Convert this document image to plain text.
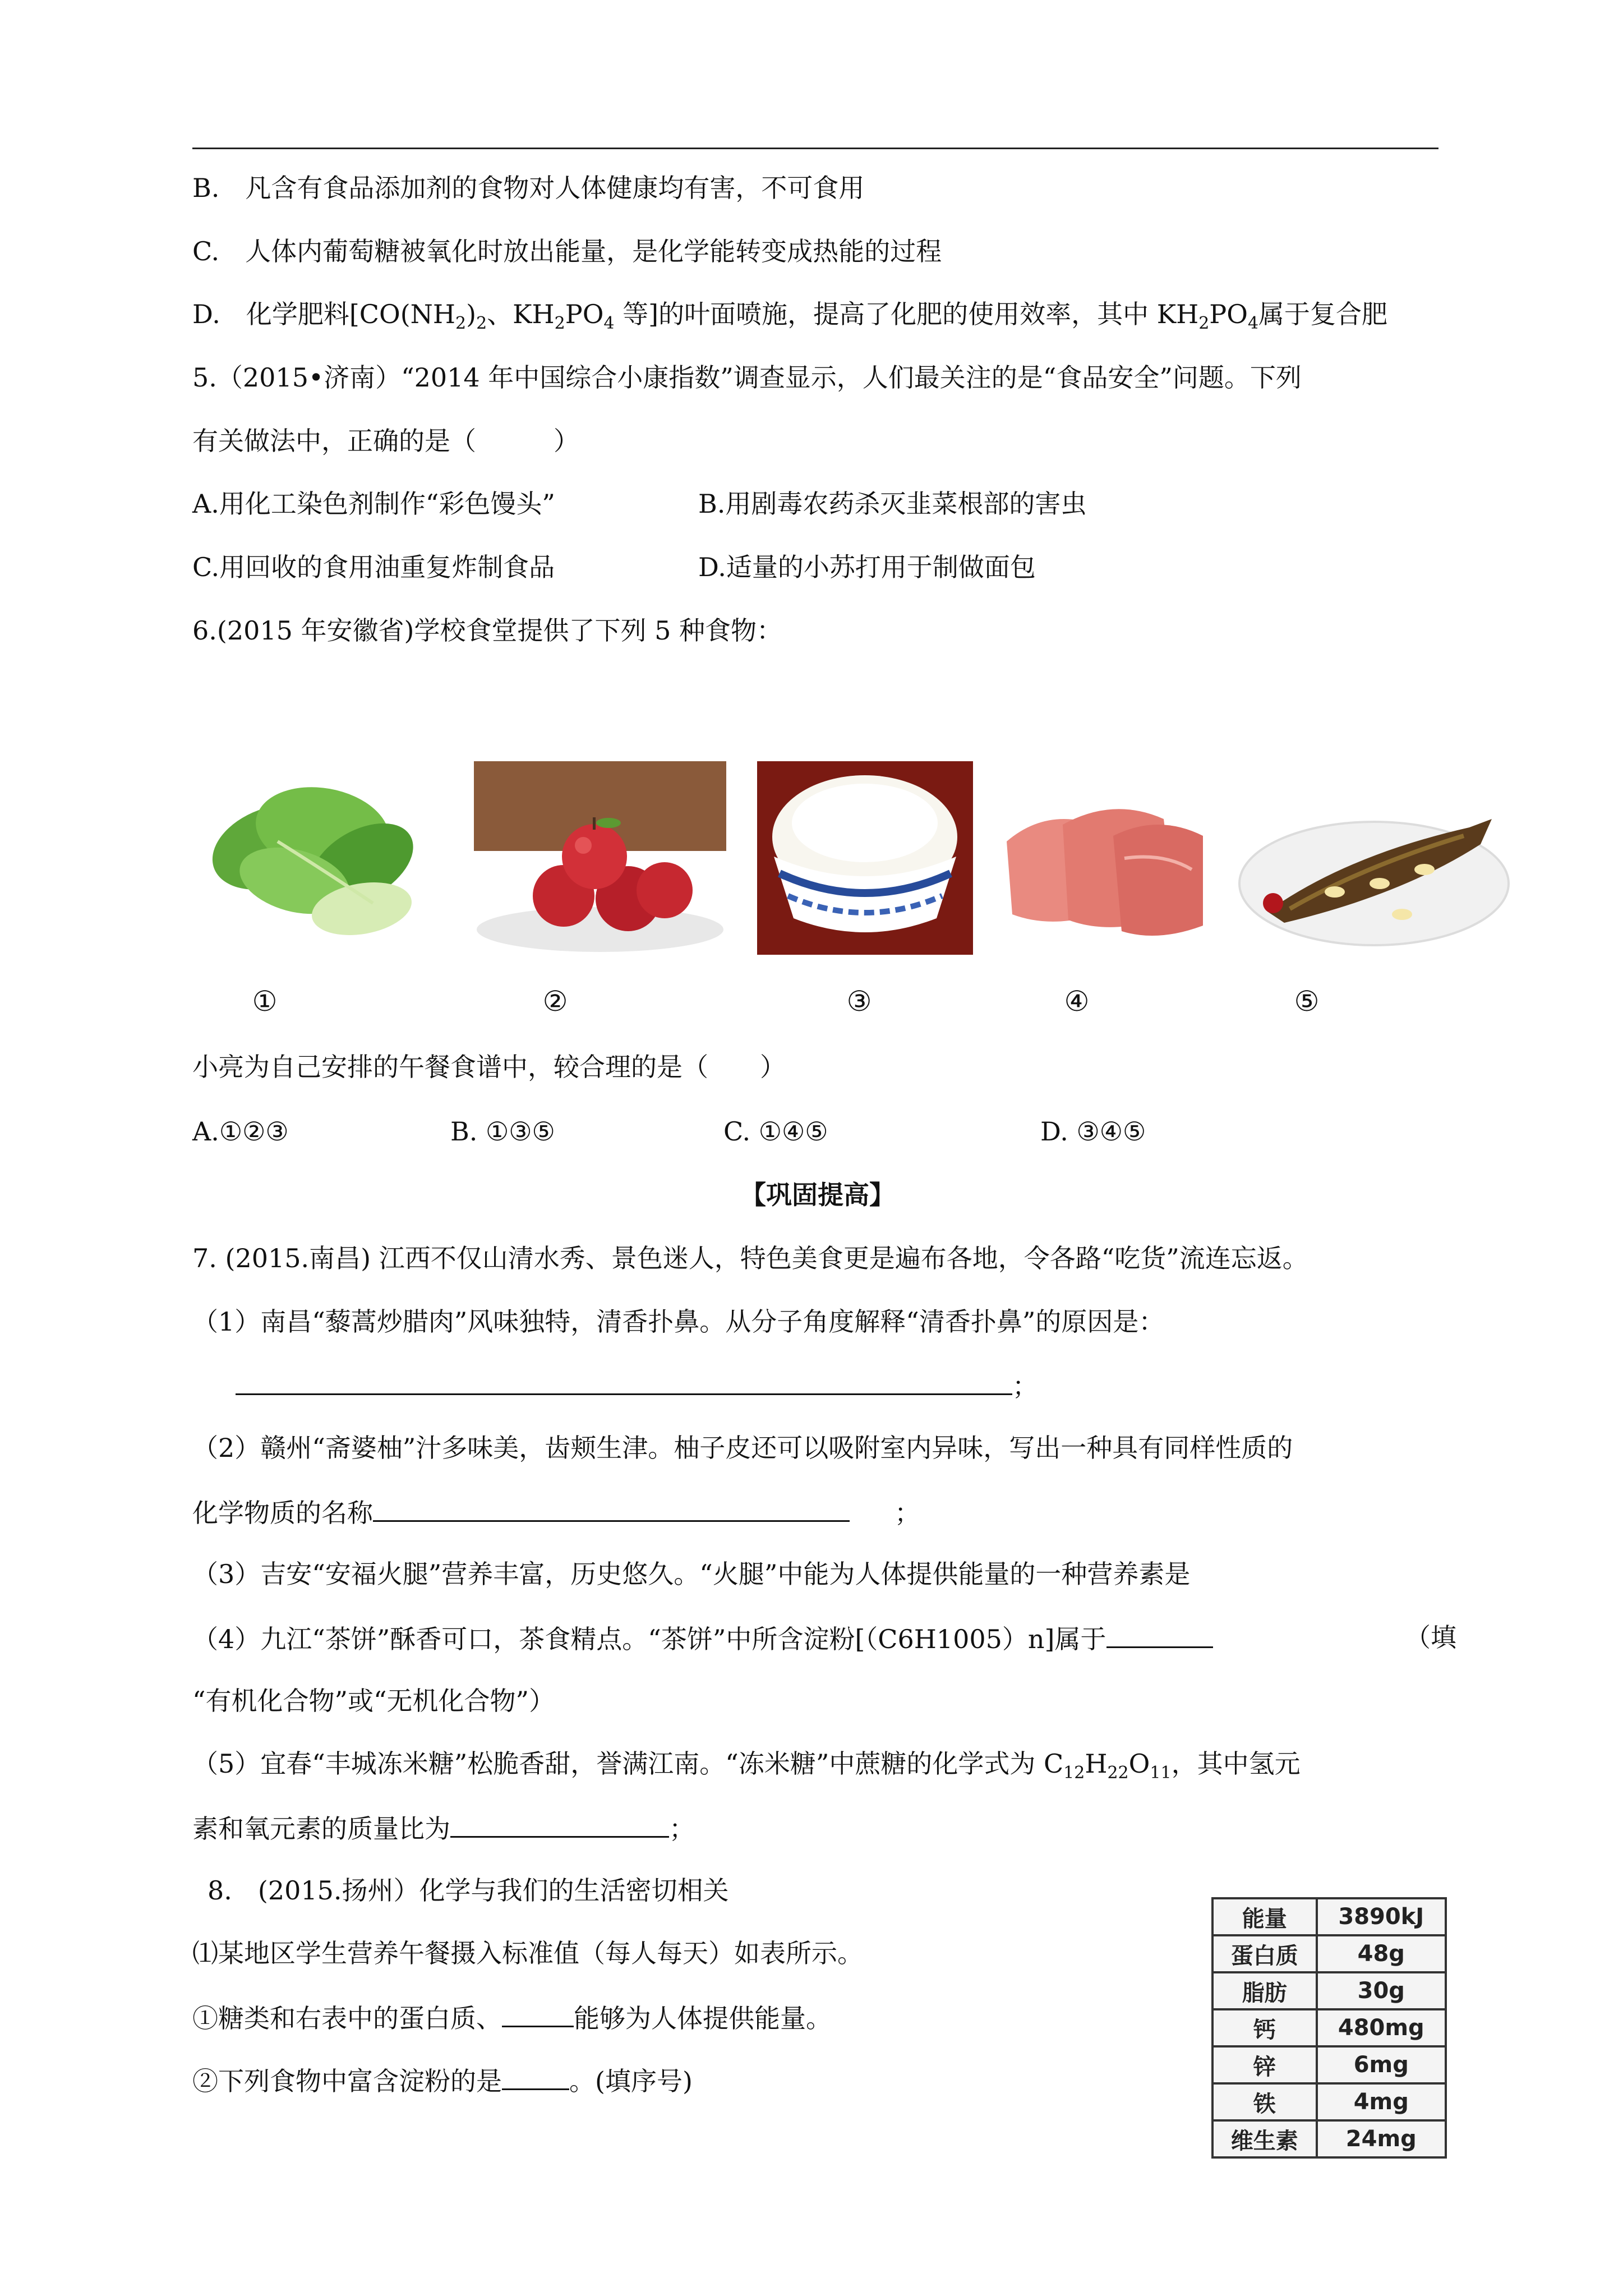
B.　凡含有食品添加剂的食物对人体健康均有害，不可食用
C.　人体内葡萄糖被氧化时放出能量，是化学能转变成热能的过程
D.　化学肥料[$CO(NH_2)_2$、$KH_2PO_4$ 等]的叶面喷施，提高了化肥的使用效率，其中 $KH_2PO_4$属于复合肥
5.（2015•济南）“2014 年中国综合小康指数”调查显示，人们最关注的是“食品安全”问题。下列
有关做法中，正确的是（　　　）
A.用化工染色剂制作“彩色馒头”	B.用剧毒农药杀灭韭菜根部的害虫
C.用回收的食用油重复炸制食品	D.适量的小苏打用于制做面包
6.(2015 年安徽省)学校食堂提供了下列 5 种食物：
①	②	③	④	⑤
小亮为自己安排的午餐食谱中，较合理的是（　　）
A.①②③	B. ①③⑤	C. ①④⑤	D. ③④⑤
【巩固提高】
7. (2015.南昌) 江西不仅山清水秀、景色迷人，特色美食更是遍布各地，令各路“吃货”流连忘返。
（1）南昌“藜蒿炒腊肉”风味独特，清香扑鼻。从分子角度解释“清香扑鼻”的原因是：
；
（2）赣州“斋婆柚”汁多味美，齿颊生津。柚子皮还可以吸附室内异味，写出一种具有同样性质的
化学物质的名称	；
（3）吉安“安福火腿”营养丰富，历史悠久。“火腿”中能为人体提供能量的一种营养素是
（4）九江“茶饼”酥香可口，茶食精点。“茶饼”中所含淀粉[（C6H1005）n]属于	（填
“有机化合物”或“无机化合物”）
（5）宜春“丰城冻米糖”松脆香甜，誉满江南。“冻米糖”中蔗糖的化学式为 $C_{12}H_{22}O_{11}$，其中氢元
素和氧元素的质量比为	；
8.　(2015.扬州）化学与我们的生活密切相关
⑴某地区学生营养午餐摄入标准值（每人每天）如表所示。
①糖类和右表中的蛋白质、	能够为人体提供能量。
②下列食物中富含淀粉的是	。(填序号)
能量	3890kJ
蛋白质	48g
脂肪	30g
钙	480mg
锌	6mg
铁	4mg
维生素	24mg
